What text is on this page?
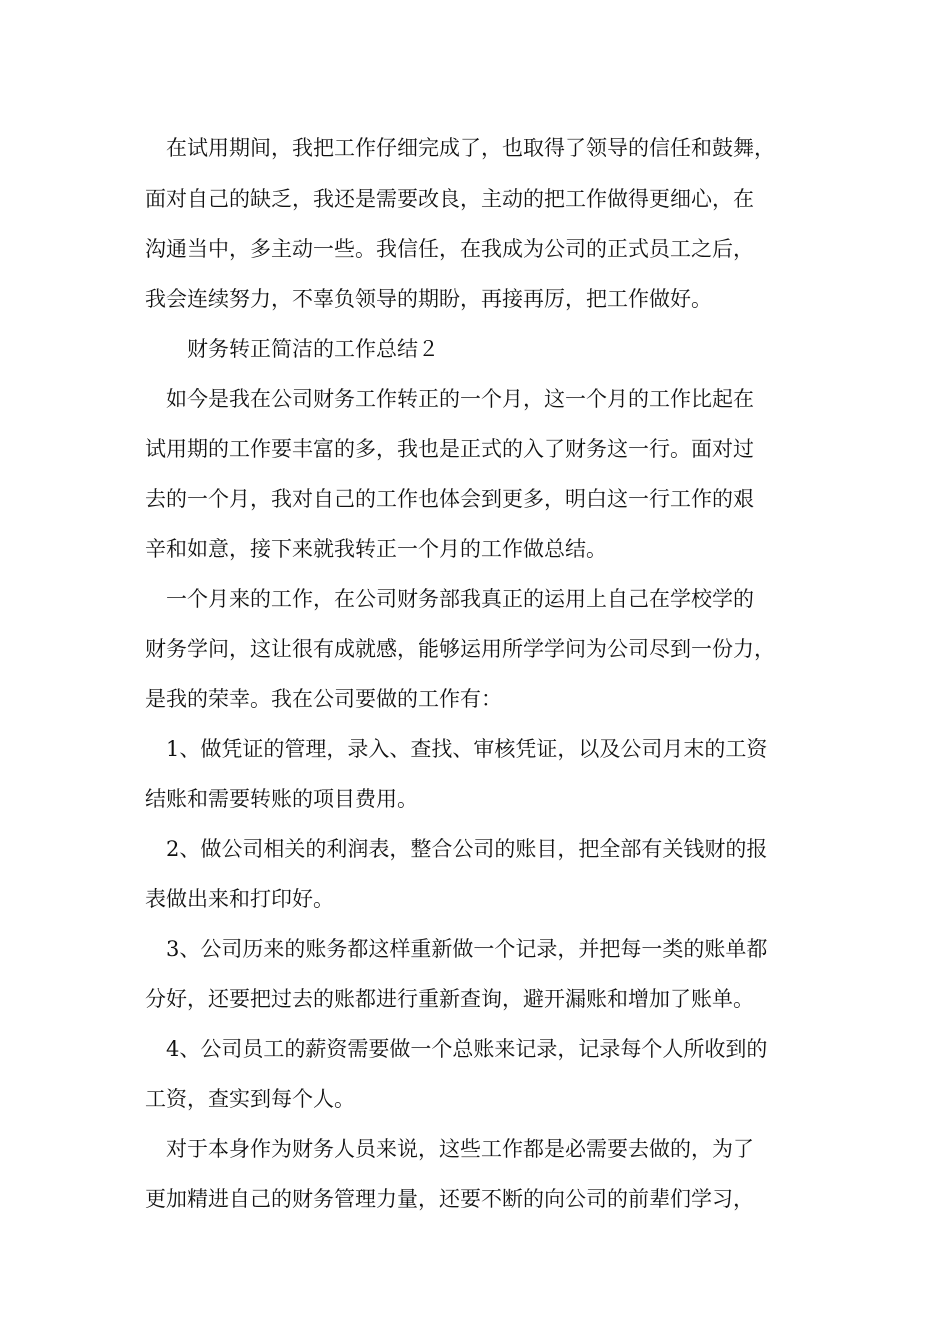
　在试用期间，我把工作仔细完成了，也取得了领导的信任和鼓舞，
面对自己的缺乏，我还是需要改良，主动的把工作做得更细心，在
沟通当中，多主动一些。我信任，在我成为公司的正式员工之后，
我会连续努力，不辜负领导的期盼，再接再厉，把工作做好。
　　财务转正简洁的工作总结２
　如今是我在公司财务工作转正的一个月，这一个月的工作比起在
试用期的工作要丰富的多，我也是正式的入了财务这一行。面对过
去的一个月，我对自己的工作也体会到更多，明白这一行工作的艰
辛和如意，接下来就我转正一个月的工作做总结。
　一个月来的工作，在公司财务部我真正的运用上自己在学校学的
财务学问，这让很有成就感，能够运用所学学问为公司尽到一份力，
是我的荣幸。我在公司要做的工作有：
　1、做凭证的管理，录入、查找、审核凭证，以及公司月末的工资
结账和需要转账的项目费用。
　2、做公司相关的利润表，整合公司的账目，把全部有关钱财的报
表做出来和打印好。
　3、公司历来的账务都这样重新做一个记录，并把每一类的账单都
分好，还要把过去的账都进行重新查询，避开漏账和增加了账单。
　4、公司员工的薪资需要做一个总账来记录，记录每个人所收到的
工资，查实到每个人。
　对于本身作为财务人员来说，这些工作都是必需要去做的，为了
更加精进自己的财务管理力量，还要不断的向公司的前辈们学习，
